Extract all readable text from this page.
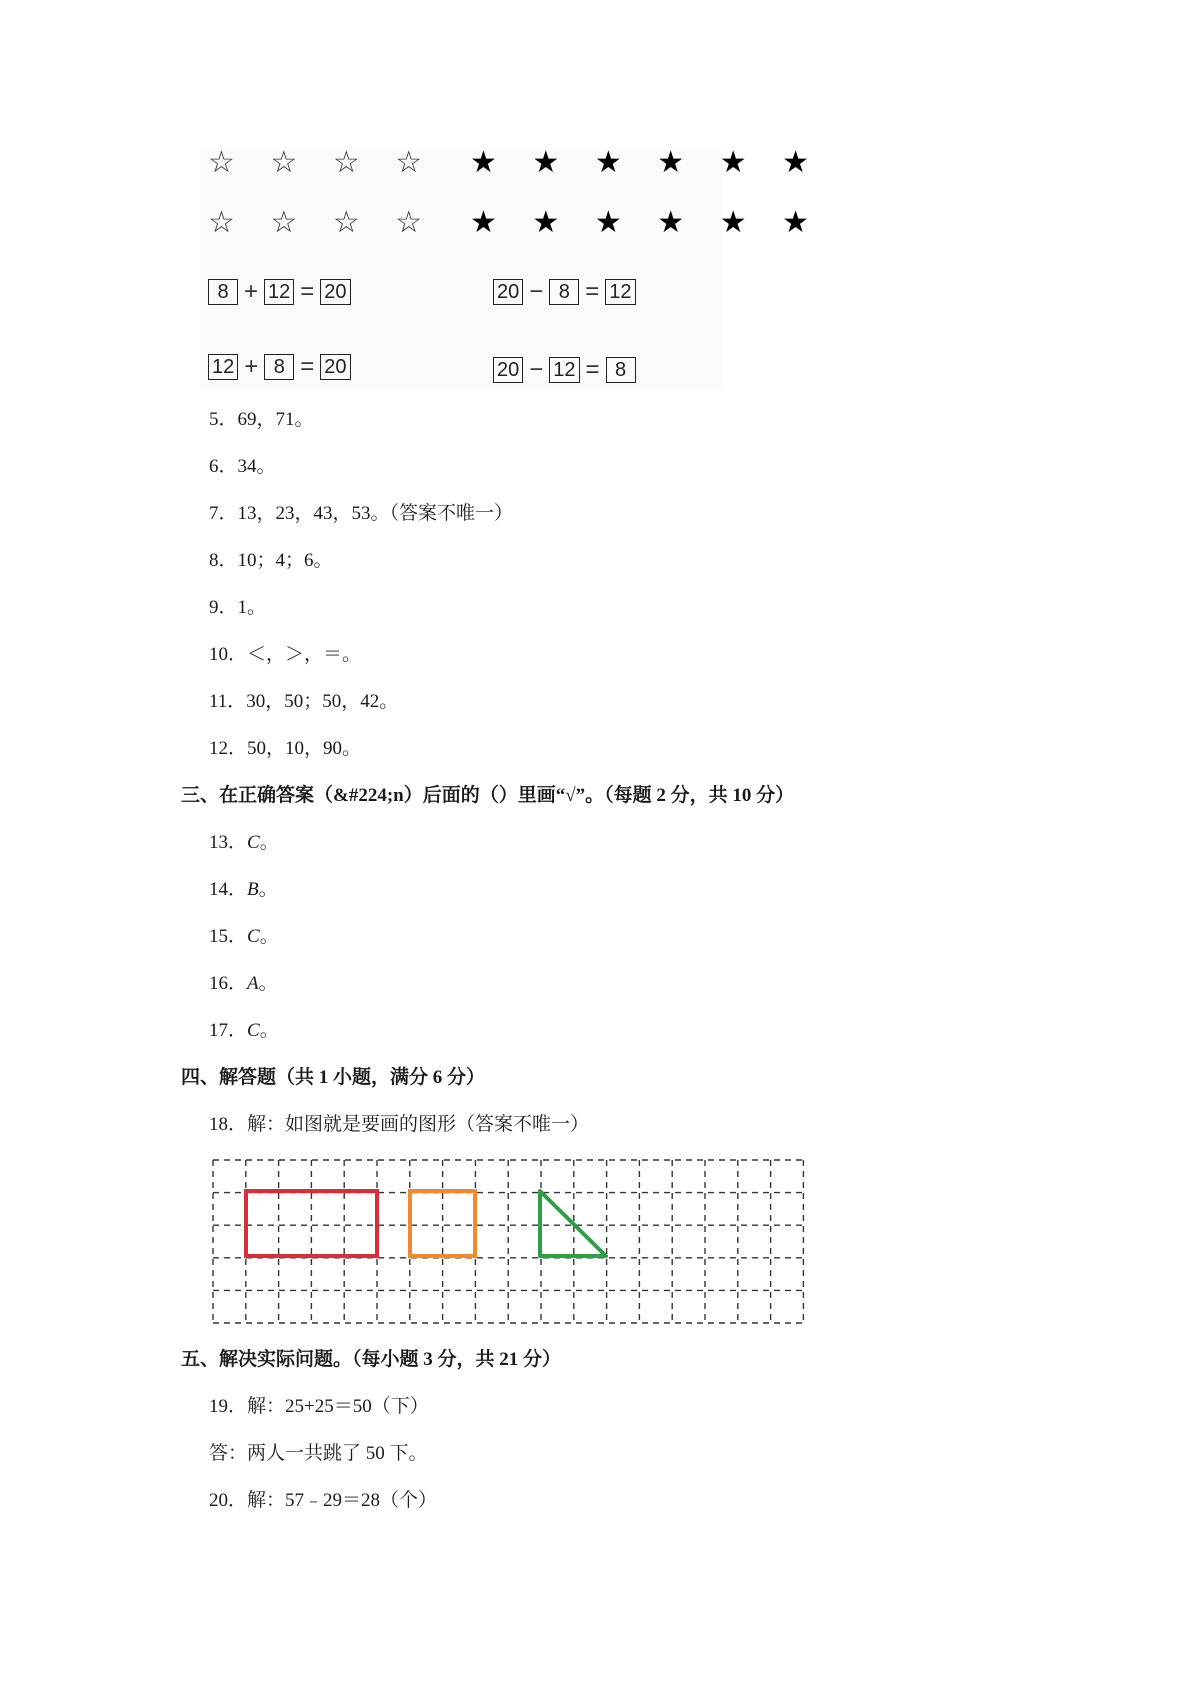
☆ ☆ ☆ ☆ ★ ★ ★ ★ ★ ★
☆ ☆ ☆ ☆ ★ ★ ★ ★ ★ ★
8 + 12 = 20	20 − 8 = 12
12 + 8 = 20	20 − 12 = 8
5．69，71。
6．34。
7．13，23，43，53。（答案不唯一）
8．10；4；6。
9．1。
10．＜，＞，＝。
11．30，50；50，42。
12．50，10，90。
三、在正确答案（&#224;n）后面的（）里画“√”。（每题 2 分，共 10 分）
13．C。
14．B。
15．C。
16．A。
17．C。
四、解答题（共 1 小题，满分 6 分）
18．解：如图就是要画的图形（答案不唯一）
五、解决实际问题。（每小题 3 分，共 21 分）
19．解：25+25＝50（下）
答：两人一共跳了 50 下。
20．解：57﹣29＝28（个）
